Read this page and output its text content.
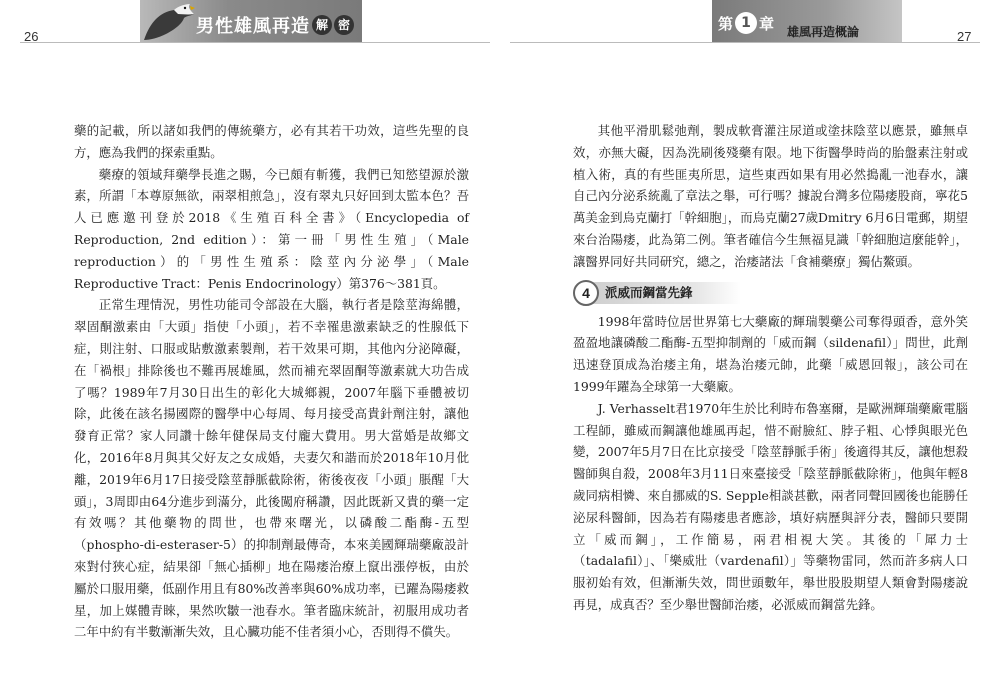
26	27
男性雄風再造 解 密	第 1 章 雄風再造概論

藥的記載，所以諸如我們的傳統藥方，必有其若干功效，這些先聖的良方，應為我們的探索重點。

藥療的領域拜藥學長進之賜，今已頗有斬獲，我們已知慾望源於激素，所謂「本尊原無欲，兩翠相煎急」，沒有翠丸只好回到太監本色？吾人已應邀刊登於2018《生殖百科全書》（Encyclopedia of Reproduction, 2nd edition）：第一冊「男性生殖」（Male reproduction）的「男性生殖系：陰莖內分泌學」（Male Reproductive Tract：Penis Endocrinology）第376～381頁。

正常生理情況，男性功能司令部設在大腦，執行者是陰莖海綿體，翠固酮激素由「大頭」指使「小頭」，若不幸罹患激素缺乏的性腺低下症，則注射、口服或貼敷激素製劑，若干效果可期，其他內分泌障礙，在「禍根」排除後也不難再展雄風，然而補充翠固酮等激素就大功告成了嗎？1989年7月30日出生的彰化大城鄉親，2007年腦下垂體被切除，此後在該名揚國際的醫學中心每周、每月接受高貴針劑注射，讓他發育正常？家人同讚十餘年健保局支付龐大費用。男大當婚是故鄉文化，2016年8月與其父好友之女成婚，夫妻欠和諧而於2018年10月仳離，2019年6月17日接受陰莖靜脈截除術，術後夜夜「小頭」脹醒「大頭」，3周即由64分進步到滿分，此後闖府稱讚，因此既新又貴的藥一定有效嗎？其他藥物的問世，也帶來曙光，以磷酸二酯酶-五型（phospho-di-esteraser-5）的抑制劑最傳奇，本來美國輝瑞藥廠設計來對付狹心症，結果卻「無心插柳」地在陽痿治療上竄出漲停板，由於屬於口服用藥，低副作用且有80%改善率與60%成功率，已躍為陽痿救星，加上媒體青睞，果然吹皺一池春水。筆者臨床統計，初服用成功者二年中約有半數漸漸失效，且心臟功能不佳者須小心，否則得不償失。

其他平滑肌鬆弛劑，製成軟膏灌注尿道或塗抹陰莖以應景，雖無卓效，亦無大礙，因為洗刷後殘藥有限。地下街醫學時尚的胎盤素注射或植入術，真的有些匪夷所思，這些東西如果有用必然搗亂一池春水，讓自己內分泌系統亂了章法之舉，可行嗎？據說台灣多位陽痿股商，寧花5萬美金到烏克蘭打「幹細胞」，而烏克蘭27歲Dmitry 6月6日電郵，期望來台治陽痿，此為第二例。筆者確信今生無福見識「幹細胞這麼能幹」，讓醫界同好共同研究，總之，治痿諸法「食補藥療」獨佔鰲頭。

4	派威而鋼當先鋒

1998年當時位居世界第七大藥廠的輝瑞製藥公司奪得頭香，意外笑盈盈地讓磷酸二酯酶-五型抑制劑的「威而鋼（sildenafil）」問世，此劑迅速登頂成為治痿主角，堪為治痿元帥，此藥「威恩回報」，該公司在1999年躍為全球第一大藥廠。

J. Verhasselt君1970年生於比利時布魯塞爾，是歐洲輝瑞藥廠電腦工程師，雖威而鋼讓他雄風再起，惜不耐臉紅、脖子粗、心悸與眼光色變，2007年5月7日在比京接受「陰莖靜脈手術」後適得其反，讓他想殺醫師與自殺，2008年3月11日來臺接受「陰莖靜脈截除術」，他與年輕8歲同病相憐、來自挪威的S. Sepple相談甚歡，兩者同聲回國後也能勝任泌尿科醫師，因為若有陽痿患者應診，填好病歷與評分表，醫師只要開立「威而鋼」，工作簡易，兩君相視大笑。其後的「犀力士（tadalafil）」、「樂威壯（vardenafil）」等藥物雷同，然而許多病人口服初始有效，但漸漸失效，問世頭數年，舉世股股期望人類會對陽痿說再見，成真否？至少舉世醫師治痿，必派威而鋼當先鋒。
